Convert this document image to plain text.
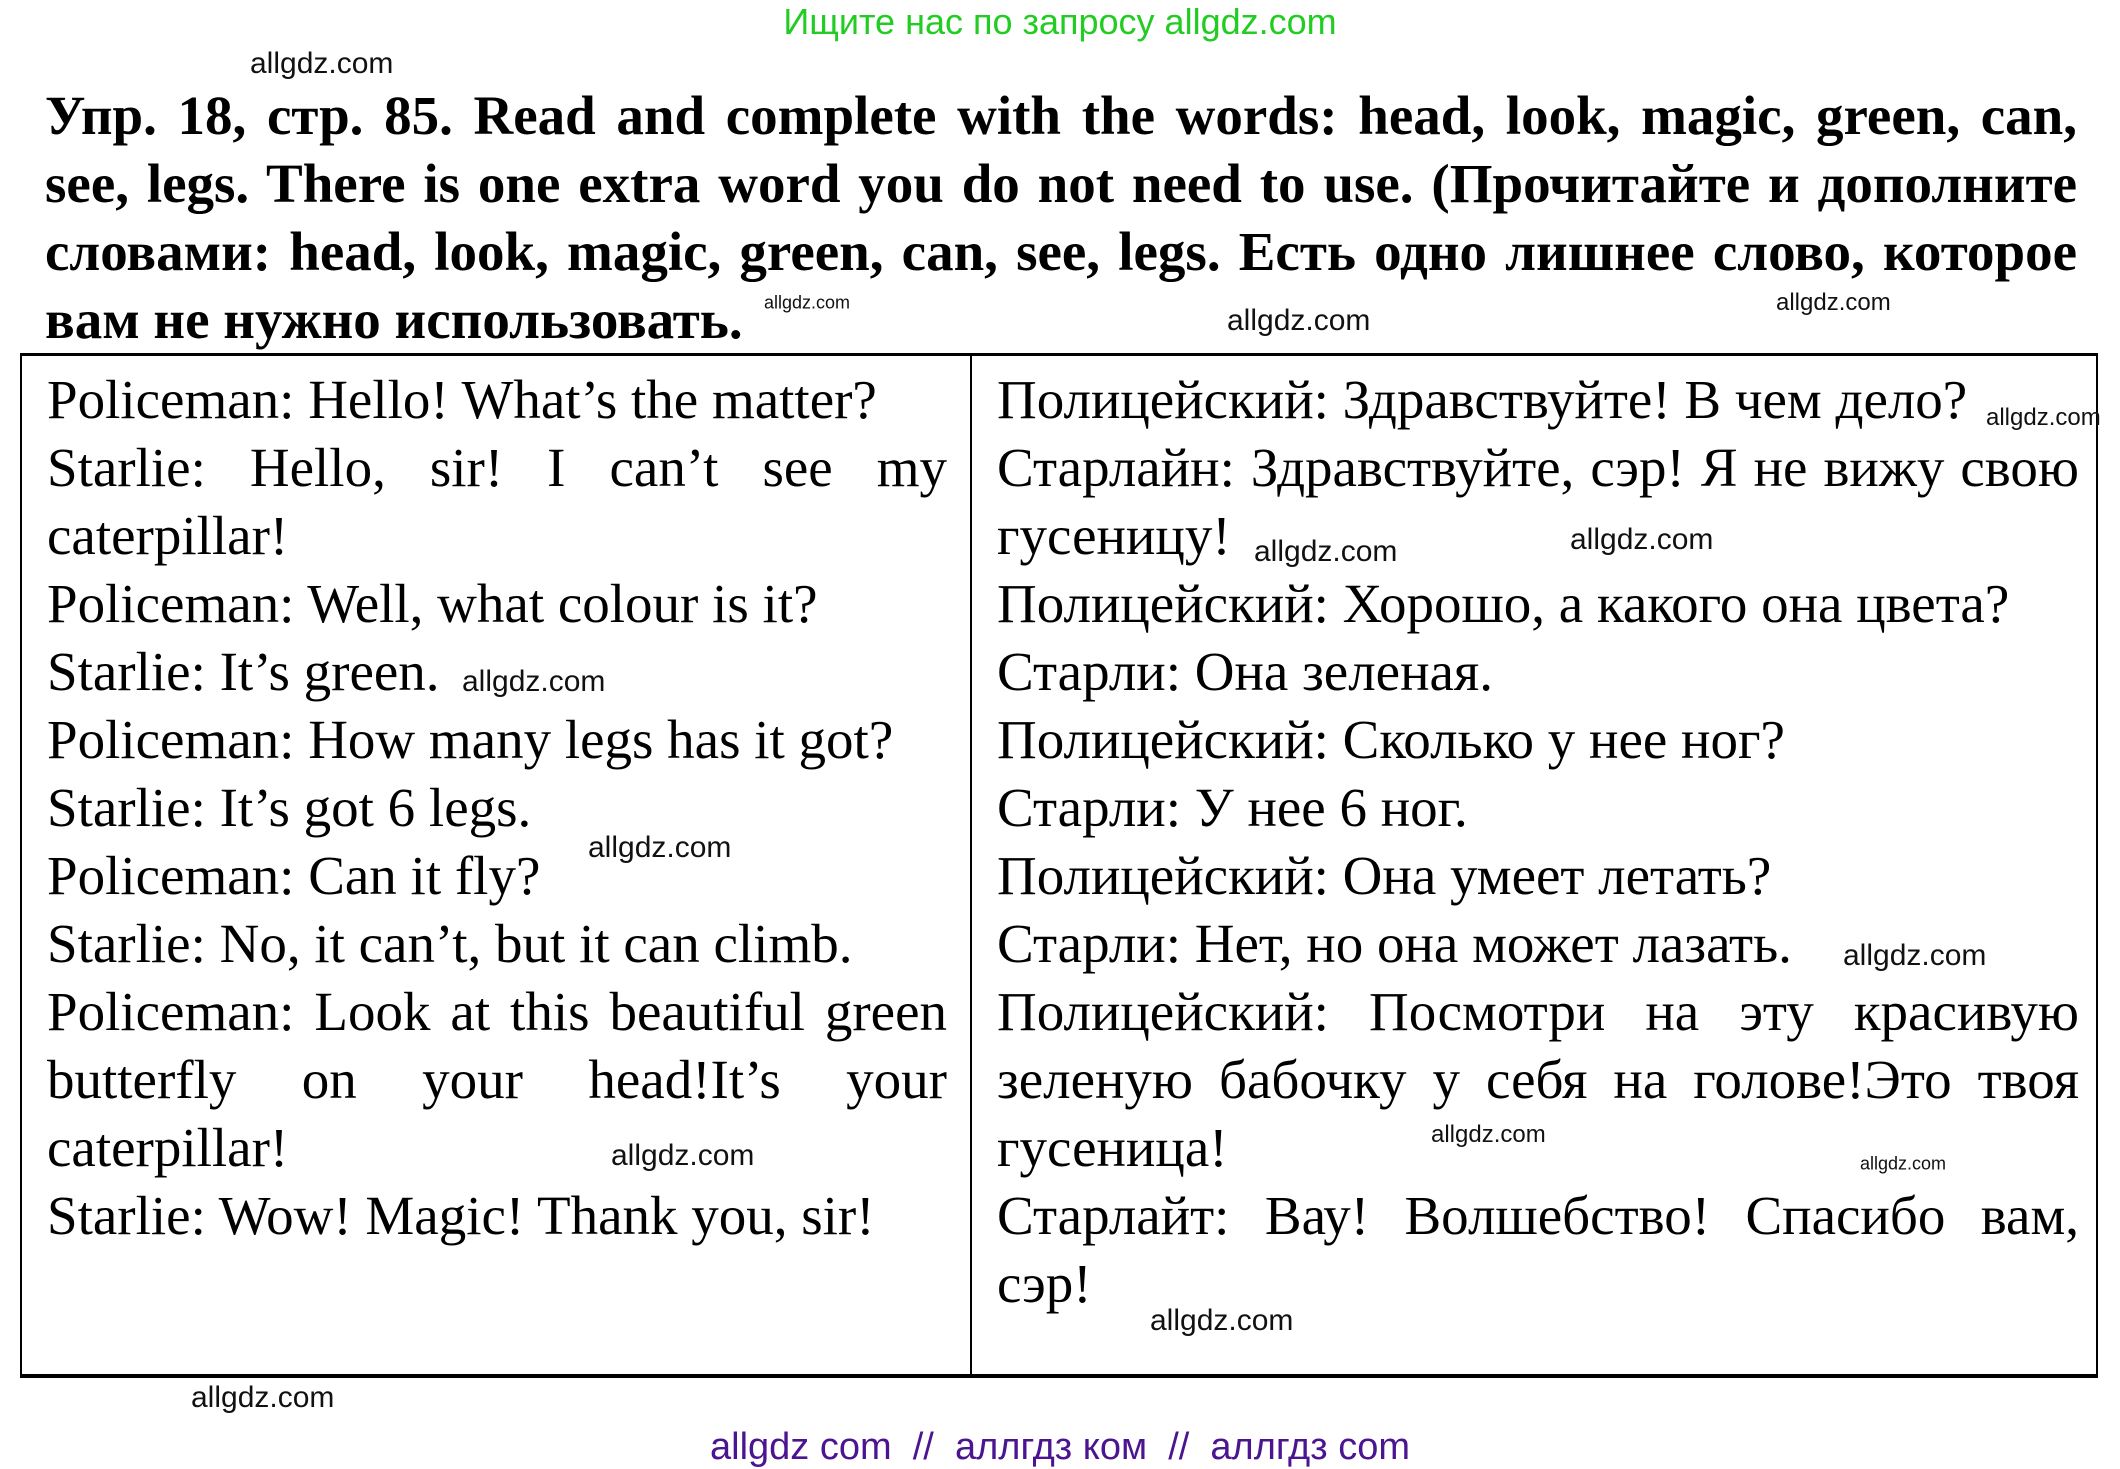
Ищите нас по запросу allgdz.com
Упр. 18, стр. 85. Read and complete with the words: head, look, magic, green, can, see, legs. There is one extra word you do not need to use. (Прочитайте и дополните словами: head, look, magic, green, can, see, legs. Есть одно лишнее слово, которое вам не нужно использовать.
Policeman: Hello! What’s the matter?
Starlie: Hello, sir! I can’t see my caterpillar!
Policeman: Well, what colour is it?
Starlie: It’s green.
Policeman: How many legs has it got?
Starlie: It’s got 6 legs.
Policeman: Can it fly?
Starlie: No, it can’t, but it can climb.
Policeman: Look at this beautiful green butterfly on your head!It’s your caterpillar!
Starlie: Wow! Magic! Thank you, sir!
Полицейский: Здравствуйте! В чем дело?
Старлайн: Здравствуйте, сэр! Я не вижу свою гусеницу!
Полицейский: Хорошо, а какого она цвета?
Старли: Она зеленая.
Полицейский: Сколько у нее ног?
Старли: У нее 6 ног.
Полицейский: Она умеет летать?
Старли: Нет, но она может лазать.
Полицейский: Посмотри на эту красивую зеленую бабочку у себя на голове!Это твоя гусеница!
Старлайт: Вау! Волшебство! Спасибо вам, сэр!
allgdz.com
allgdz.com
allgdz.com
allgdz.com
allgdz.com
allgdz.com
allgdz.com
allgdz.com
allgdz.com
allgdz.com
allgdz.com
allgdz.com
allgdz.com
allgdz.com
allgdz.com
allgdz com  //  аллгдз ком  //  аллгдз com
